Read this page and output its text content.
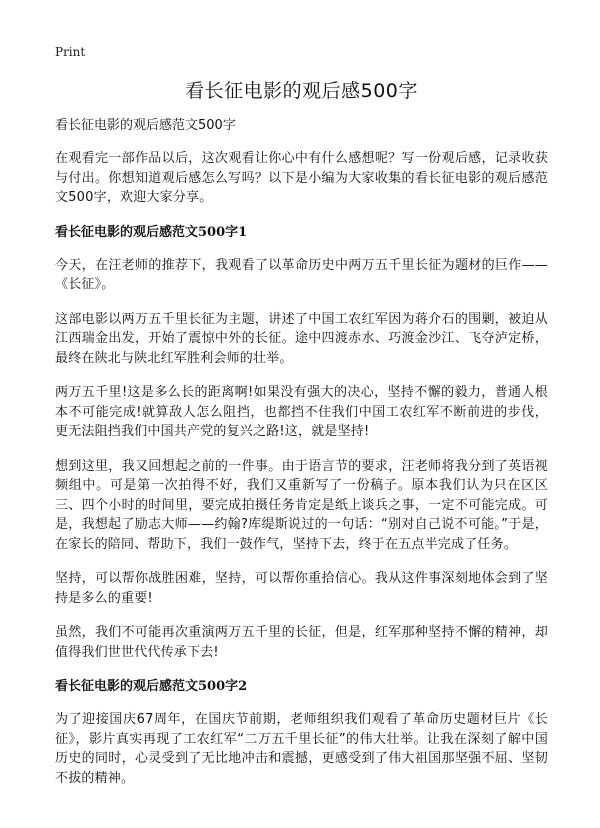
Print
看长征电影的观后感500字
看长征电影的观后感范文500字

在观看完一部作品以后，这次观看让你心中有什么感想呢？写一份观后感，记录收获与付出。你想知道观后感怎么写吗？以下是小编为大家收集的看长征电影的观后感范文500字，欢迎大家分享。

看长征电影的观后感范文500字1

今天，在汪老师的推荐下，我观看了以革命历史中两万五千里长征为题材的巨作——《长征》。

这部电影以两万五千里长征为主题，讲述了中国工农红军因为蒋介石的围剿，被迫从江西瑞金出发，开始了震惊中外的长征。途中四渡赤水、巧渡金沙江、飞夺泸定桥，最终在陕北与陕北红军胜利会师的壮举。

两万五千里!这是多么长的距离啊!如果没有强大的决心，坚持不懈的毅力，普通人根本不可能完成!就算敌人怎么阻挡，也都挡不住我们中国工农红军不断前进的步伐，更无法阻挡我们中国共产党的复兴之路!这，就是坚持!

想到这里，我又回想起之前的一件事。由于语言节的要求，汪老师将我分到了英语视频组中。可是第一次拍得不好，我们又重新写了一份稿子。原本我们认为只在区区三、四个小时的时间里，要完成拍摄任务肯定是纸上谈兵之事，一定不可能完成。可是，我想起了励志大师——约翰?库缇斯说过的一句话：“别对自己说不可能。”于是，在家长的陪同、帮助下，我们一鼓作气，坚持下去，终于在五点半完成了任务。

坚持，可以帮你战胜困难，坚持，可以帮你重拾信心。我从这件事深刻地体会到了坚持是多么的重要!

虽然，我们不可能再次重演两万五千里的长征，但是，红军那种坚持不懈的精神，却值得我们世世代代传承下去!

看长征电影的观后感范文500字2

为了迎接国庆67周年，在国庆节前期，老师组织我们观看了革命历史题材巨片《长征》，影片真实再现了工农红军“二万五千里长征”的伟大壮举。让我在深刻了解中国历史的同时，心灵受到了无比地冲击和震撼，更感受到了伟大祖国那坚强不屈、坚韧不拔的精神。
